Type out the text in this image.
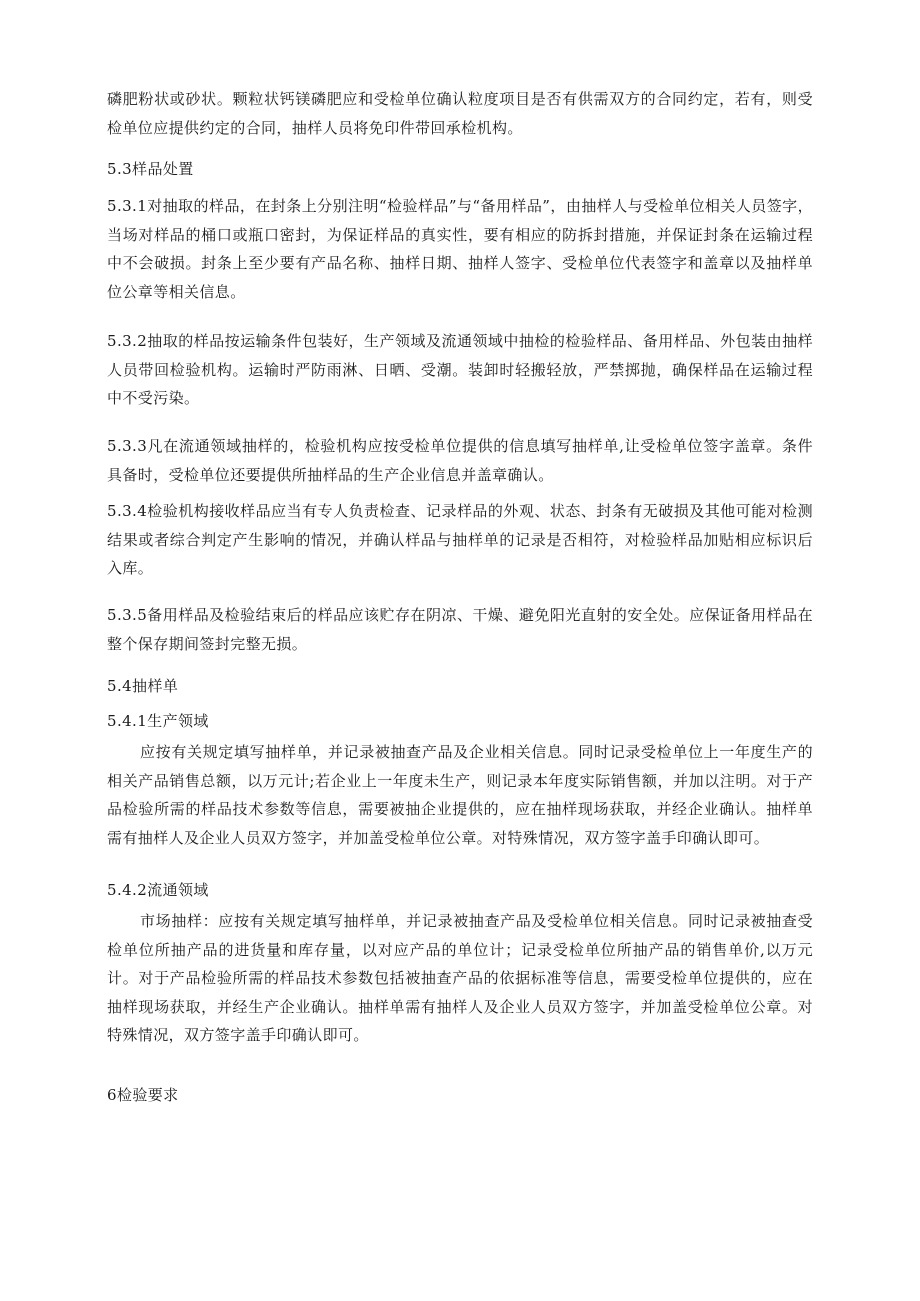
磷肥粉状或砂状。颗粒状钙镁磷肥应和受检单位确认粒度项目是否有供需双方的合同约定，若有，则受检单位应提供约定的合同，抽样人员将免印件带回承检机构。

5.3样品处置

5.3.1对抽取的样品，在封条上分别注明“检验样品”与“备用样品”，由抽样人与受检单位相关人员签字，当场对样品的桶口或瓶口密封，为保证样品的真实性，要有相应的防拆封措施，并保证封条在运输过程中不会破损。封条上至少要有产品名称、抽样日期、抽样人签字、受检单位代表签字和盖章以及抽样单位公章等相关信息。

5.3.2抽取的样品按运输条件包装好，生产领域及流通领域中抽检的检验样品、备用样品、外包装由抽样人员带回检验机构。运输时严防雨淋、日晒、受潮。装卸时轻搬轻放，严禁掷抛，确保样品在运输过程中不受污染。

5.3.3凡在流通领域抽样的，检验机构应按受检单位提供的信息填写抽样单,让受检单位签字盖章。条件具备时，受检单位还要提供所抽样品的生产企业信息并盖章确认。

5.3.4检验机构接收样品应当有专人负责检查、记录样品的外观、状态、封条有无破损及其他可能对检测结果或者综合判定产生影响的情况，并确认样品与抽样单的记录是否相符，对检验样品加贴相应标识后入库。

5.3.5备用样品及检验结束后的样品应该贮存在阴凉、干燥、避免阳光直射的安全处。应保证备用样品在整个保存期间签封完整无损。

5.4抽样单

5.4.1生产领域

应按有关规定填写抽样单，并记录被抽查产品及企业相关信息。同时记录受检单位上一年度生产的相关产品销售总额，以万元计;若企业上一年度未生产，则记录本年度实际销售额，并加以注明。对于产品检验所需的样品技术参数等信息，需要被抽企业提供的，应在抽样现场获取，并经企业确认。抽样单需有抽样人及企业人员双方签字，并加盖受检单位公章。对特殊情况，双方签字盖手印确认即可。

5.4.2流通领域

市场抽样：应按有关规定填写抽样单，并记录被抽查产品及受检单位相关信息。同时记录被抽查受检单位所抽产品的进货量和库存量，以对应产品的单位计；记录受检单位所抽产品的销售单价,以万元计。对于产品检验所需的样品技术参数包括被抽查产品的依据标准等信息，需要受检单位提供的，应在抽样现场获取，并经生产企业确认。抽样单需有抽样人及企业人员双方签字，并加盖受检单位公章。对特殊情况，双方签字盖手印确认即可。

6检验要求
